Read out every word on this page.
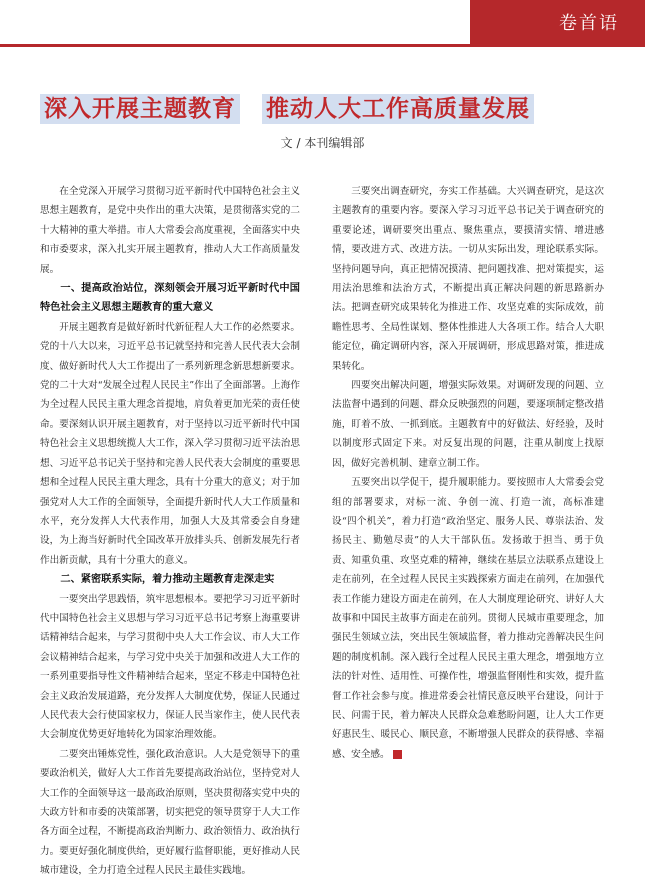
卷首语
深入开展主题教育 推动人大工作高质量发展
文 / 本刊编辑部

在全党深入开展学习贯彻习近平新时代中国特色社会主义思想主题教育，是党中央作出的重大决策，是贯彻落实党的二十大精神的重大举措。市人大常委会高度重视，全面落实中央和市委要求，深入扎实开展主题教育，推动人大工作高质量发展。

一、提高政治站位，深刻领会开展习近平新时代中国特色社会主义思想主题教育的重大意义

开展主题教育是做好新时代新征程人大工作的必然要求。党的十八大以来，习近平总书记就坚持和完善人民代表大会制度、做好新时代人大工作提出了一系列新理念新思想新要求。党的二十大对“发展全过程人民民主”作出了全面部署。上海作为全过程人民民主重大理念首提地，肩负着更加光荣的责任使命。要深刻认识开展主题教育，对于坚持以习近平新时代中国特色社会主义思想统揽人大工作，深入学习贯彻习近平法治思想、习近平总书记关于坚持和完善人民代表大会制度的重要思想和全过程人民民主重大理念，具有十分重大的意义；对于加强党对人大工作的全面领导，全面提升新时代人大工作质量和水平，充分发挥人大代表作用，加强人大及其常委会自身建设，为上海当好新时代全国改革开放排头兵、创新发展先行者作出新贡献，具有十分重大的意义。

二、紧密联系实际，着力推动主题教育走深走实

一要突出学思践悟，筑牢思想根本。要把学习习近平新时代中国特色社会主义思想与学习习近平总书记考察上海重要讲话精神结合起来，与学习贯彻中央人大工作会议、市人大工作会议精神结合起来，与学习党中央关于加强和改进人大工作的一系列重要指导性文件精神结合起来，坚定不移走中国特色社会主义政治发展道路，充分发挥人大制度优势，保证人民通过人民代表大会行使国家权力，保证人民当家作主，使人民代表大会制度优势更好地转化为国家治理效能。

二要突出锤炼党性，强化政治意识。人大是党领导下的重要政治机关，做好人大工作首先要提高政治站位，坚持党对人大工作的全面领导这一最高政治原则，坚决贯彻落实党中央的大政方针和市委的决策部署，切实把党的领导贯穿于人大工作各方面全过程，不断提高政治判断力、政治领悟力、政治执行力。要更好强化制度供给，更好履行监督职能，更好推动人民城市建设，全力打造全过程人民民主最佳实践地。

三要突出调查研究，夯实工作基础。大兴调查研究，是这次主题教育的重要内容。要深入学习习近平总书记关于调查研究的重要论述，调研要突出重点、聚焦重点，要摸清实情、增进感情，要改进方式、改进方法。一切从实际出发，理论联系实际。坚持问题导向，真正把情况摸清、把问题找准、把对策提实，运用法治思维和法治方式，不断提出真正解决问题的新思路新办法。把调查研究成果转化为推进工作、攻坚克难的实际成效，前瞻性思考、全局性谋划、整体性推进人大各项工作。结合人大职能定位，确定调研内容，深入开展调研，形成思路对策，推进成果转化。

四要突出解决问题，增强实际效果。对调研发现的问题、立法监督中遇到的问题、群众反映强烈的问题，要逐项制定整改措施，盯着不放、一抓到底。主题教育中的好做法、好经验，及时以制度形式固定下来。对反复出现的问题，注重从制度上找原因，做好完善机制、建章立制工作。

五要突出以学促干，提升履职能力。要按照市人大常委会党组的部署要求，对标一流、争创一流、打造一流，高标准建设“四个机关”，着力打造“政治坚定、服务人民、尊崇法治、发扬民主、勤勉尽责”的人大干部队伍。发扬敢于担当、勇于负责、知重负重、攻坚克难的精神，继续在基层立法联系点建设上走在前列，在全过程人民民主实践探索方面走在前列，在加强代表工作能力建设方面走在前列，在人大制度理论研究、讲好人大故事和中国民主故事方面走在前列。贯彻人民城市重要理念，加强民生领域立法，突出民生领域监督，着力推动完善解决民生问题的制度机制。深入践行全过程人民民主重大理念，增强地方立法的针对性、适用性、可操作性，增强监督刚性和实效，提升监督工作社会参与度。推进常委会社情民意反映平台建设，问计于民、问需于民，着力解决人民群众急难愁盼问题，让人大工作更好惠民生、暖民心、顺民意，不断增强人民群众的获得感、幸福感、安全感。
